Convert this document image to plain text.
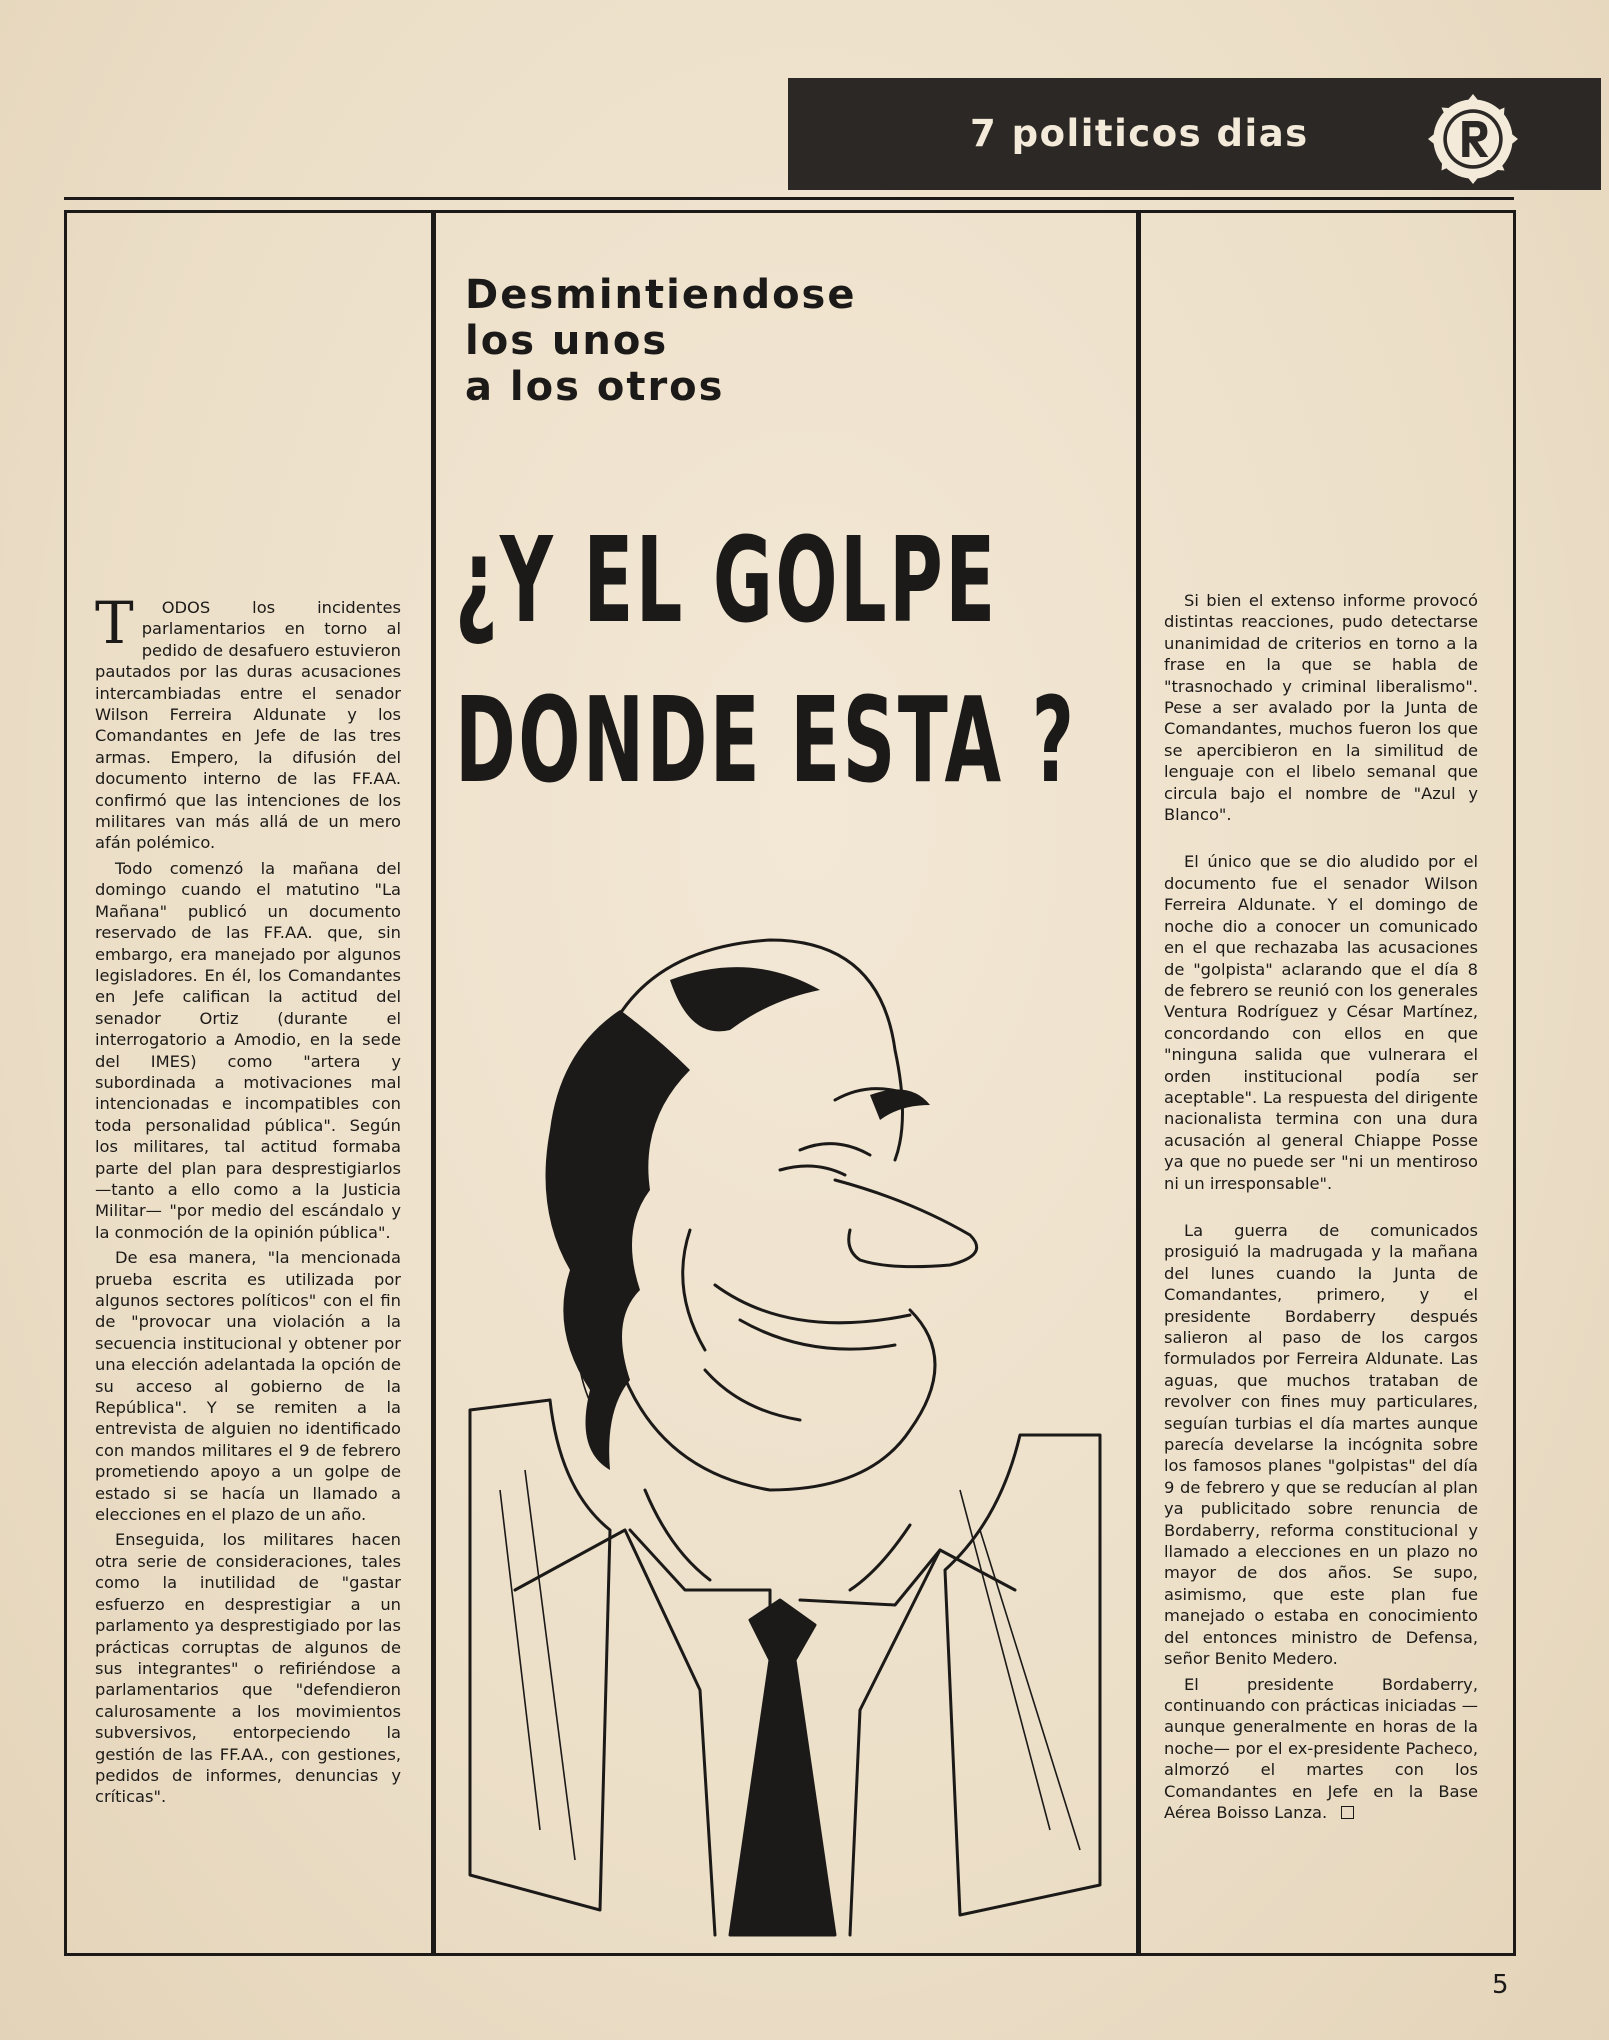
7 politicos dias
Desmintiendose
los unos
a los otros
¿Y EL GOLPE
DONDE ESTA ?

T ODOS los incidentes parlamentarios en torno al pedido de desafuero estuvieron pautados por las duras acusaciones intercambiadas entre el senador Wilson Ferreira Aldunate y los Comandantes en Jefe de las tres armas. Empero, la difusión del documento interno de las FF.AA. confirmó que las intenciones de los militares van más allá de un mero afán polémico.

Todo comenzó la mañana del domingo cuando el matutino "La Mañana" publicó un documento reservado de las FF.AA. que, sin embargo, era manejado por algunos legisladores. En él, los Comandantes en Jefe califican la actitud del senador Ortiz (durante el interrogatorio a Amodio, en la sede del IMES) como "artera y subordinada a motivaciones mal intencionadas e incompatibles con toda personalidad pública". Según los militares, tal actitud formaba parte del plan para desprestigiarlos —tanto a ello como a la Justicia Militar— "por medio del escándalo y la conmoción de la opinión pública".

De esa manera, "la mencionada prueba escrita es utilizada por algunos sectores políticos" con el fin de "provocar una violación a la secuencia institucional y obtener por una elección adelantada la opción de su acceso al gobierno de la República". Y se remiten a la entrevista de alguien no identificado con mandos militares el 9 de febrero prometiendo apoyo a un golpe de estado si se hacía un llamado a elecciones en el plazo de un año.

Enseguida, los militares hacen otra serie de consideraciones, tales como la inutilidad de "gastar esfuerzo en desprestigiar a un parlamento ya desprestigiado por las prácticas corruptas de algunos de sus integrantes" o refiriéndose a parlamentarios que "defendieron calurosamente a los movimientos subversivos, entorpeciendo la gestión de las FF.AA., con gestiones, pedidos de informes, denuncias y críticas".

Si bien el extenso informe provocó distintas reacciones, pudo detectarse unanimidad de criterios en torno a la frase en la que se habla de "trasnochado y criminal liberalismo". Pese a ser avalado por la Junta de Comandantes, muchos fueron los que se apercibieron en la similitud de lenguaje con el libelo semanal que circula bajo el nombre de "Azul y Blanco".

El único que se dio aludido por el documento fue el senador Wilson Ferreira Aldunate. Y el domingo de noche dio a conocer un comunicado en el que rechazaba las acusaciones de "golpista" aclarando que el día 8 de febrero se reunió con los generales Ventura Rodríguez y César Martínez, concordando con ellos en que "ninguna salida que vulnerara el orden institucional podía ser aceptable". La respuesta del dirigente nacionalista termina con una dura acusación al general Chiappe Posse ya que no puede ser "ni un mentiroso ni un irresponsable".

La guerra de comunicados prosiguió la madrugada y la mañana del lunes cuando la Junta de Comandantes, primero, y el presidente Bordaberry después salieron al paso de los cargos formulados por Ferreira Aldunate. Las aguas, que muchos trataban de revolver con fines muy particulares, seguían turbias el día martes aunque parecía develarse la incógnita sobre los famosos planes "golpistas" del día 9 de febrero y que se reducían al plan ya publicitado sobre renuncia de Bordaberry, reforma constitucional y llamado a elecciones en un plazo no mayor de dos años. Se supo, asimismo, que este plan fue manejado o estaba en conocimiento del entonces ministro de Defensa, señor Benito Medero.

El presidente Bordaberry, continuando con prácticas iniciadas —aunque generalmente en horas de la noche— por el ex-presidente Pacheco, almorzó el martes con los Comandantes en Jefe en la Base Aérea Boisso Lanza.

5
